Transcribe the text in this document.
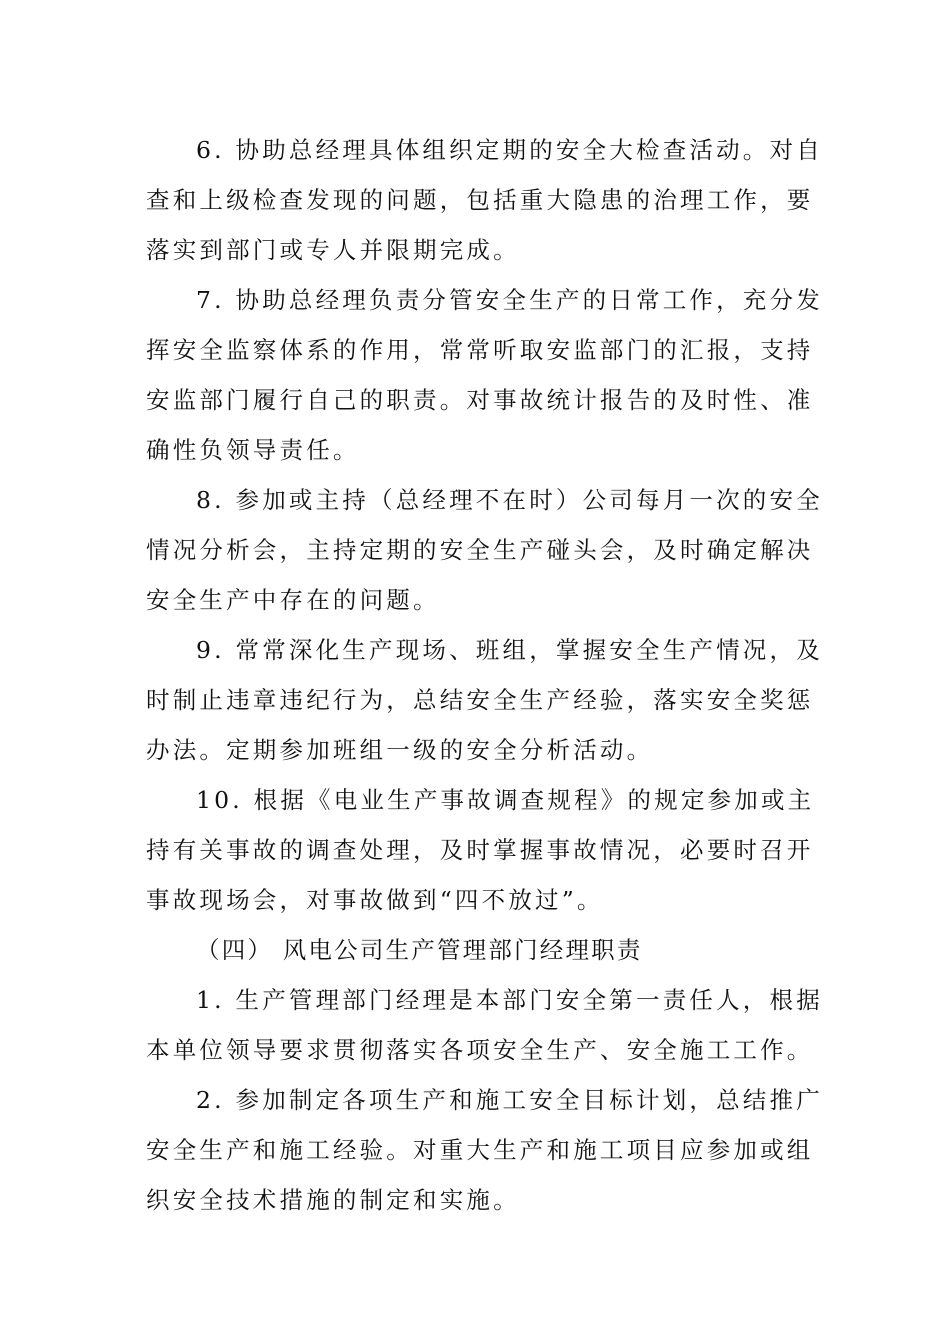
6. 协助总经理具体组织定期的安全大检查活动。对自
查和上级检查发现的问题，包括重大隐患的治理工作，要
落实到部门或专人并限期完成。
7. 协助总经理负责分管安全生产的日常工作，充分发
挥安全监察体系的作用，常常听取安监部门的汇报，支持
安监部门履行自己的职责。对事故统计报告的及时性、准
确性负领导责任。
8. 参加或主持（总经理不在时）公司每月一次的安全
情况分析会，主持定期的安全生产碰头会，及时确定解决
安全生产中存在的问题。
9. 常常深化生产现场、班组，掌握安全生产情况，及
时制止违章违纪行为，总结安全生产经验，落实安全奖惩
办法。定期参加班组一级的安全分析活动。
10. 根据《电业生产事故调查规程》的规定参加或主
持有关事故的调查处理，及时掌握事故情况，必要时召开
事故现场会，对事故做到“四不放过”。
（四） 风电公司生产管理部门经理职责
1. 生产管理部门经理是本部门安全第一责任人，根据
本单位领导要求贯彻落实各项安全生产、安全施工工作。
2. 参加制定各项生产和施工安全目标计划，总结推广
安全生产和施工经验。对重大生产和施工项目应参加或组
织安全技术措施的制定和实施。
